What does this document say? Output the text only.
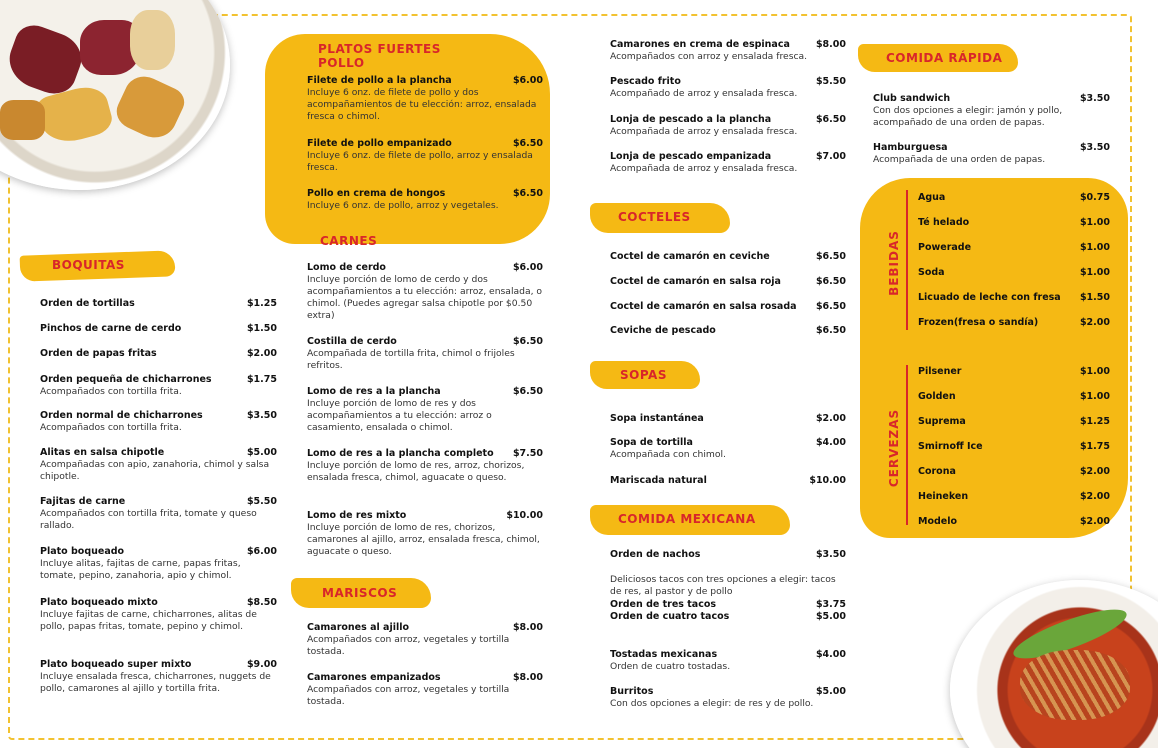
BOQUITAS
Orden de tortillas	$1.25
Pinchos de carne de cerdo	$1.50
Orden de papas fritas	$2.00
Orden pequeña de chicharrones	$1.75
Acompañados con tortilla frita.
Orden normal de chicharrones	$3.50
Acompañados con tortilla frita.
Alitas en salsa chipotle	$5.00
Acompañadas con apio, zanahoria, chimol y salsa chipotle.
Fajitas de carne	$5.50
Acompañados con tortilla frita, tomate y queso rallado.
Plato boqueado	$6.00
Incluye alitas, fajitas de carne, papas fritas, tomate, pepino, zanahoria, apio y chimol.
Plato boqueado mixto	$8.50
Incluye fajitas de carne, chicharrones, alitas de pollo, papas fritas, tomate, pepino y chimol.
Plato boqueado super mixto	$9.00
Incluye ensalada fresca, chicharrones, nuggets de pollo, camarones al ajillo y tortilla frita.
PLATOS FUERTES
POLLO
Filete de pollo a la plancha	$6.00
Incluye 6 onz. de filete de pollo y dos acompañamientos de tu elección: arroz, ensalada fresca o chimol.
Filete de pollo empanizado	$6.50
Incluye 6 onz. de filete de pollo, arroz y ensalada fresca.
Pollo en crema de hongos	$6.50
Incluye 6 onz. de pollo, arroz y vegetales.
CARNES
Lomo de cerdo	$6.00
Incluye porción de lomo de cerdo y dos acompañamientos a tu elección: arroz, ensalada, o chimol. (Puedes agregar salsa chipotle por $0.50 extra)
Costilla de cerdo	$6.50
Acompañada de tortilla frita, chimol o frijoles refritos.
Lomo de res a la plancha	$6.50
Incluye porción de lomo de res y dos acompañamientos a tu elección: arroz o casamiento, ensalada o chimol.
Lomo de res a la plancha completo $7.50
Incluye porción de lomo de res, arroz, chorizos, ensalada fresca, chimol, aguacate o queso.
Lomo de res mixto	$10.00
Incluye porción de lomo de res, chorizos, camarones al ajillo, arroz, ensalada fresca, chimol, aguacate o queso.
MARISCOS
Camarones al ajillo	$8.00
Acompañados con arroz, vegetales y tortilla tostada.
Camarones empanizados	$8.00
Acompañados con arroz, vegetales y tortilla tostada.
Camarones en crema de espinaca	$8.00
Acompañados con arroz y ensalada fresca.
Pescado frito	$5.50
Acompañado de arroz y ensalada fresca.
Lonja de pescado a la plancha	$6.50
Acompañada de arroz y ensalada fresca.
Lonja de pescado empanizada	$7.00
Acompañada de arroz y ensalada fresca.
COCTELES
Coctel de camarón en ceviche	$6.50
Coctel de camarón en salsa roja	$6.50
Coctel de camarón en salsa rosada $6.50
Ceviche de pescado	$6.50
SOPAS
Sopa instantánea	$2.00
Sopa de tortilla	$4.00
Acompañada con chimol.
Mariscada natural	$10.00
COMIDA MEXICANA
Orden de nachos	$3.50
Deliciosos tacos con tres opciones a elegir: tacos de res, al pastor y de pollo
Orden de tres tacos	$3.75
Orden de cuatro tacos	$5.00
Tostadas mexicanas	$4.00
Orden de cuatro tostadas.
Burritos	$5.00
Con dos opciones a elegir: de res y de pollo.
COMIDA RÁPIDA
Club sandwich	$3.50
Con dos opciones a elegir: jamón y pollo, acompañado de una orden de papas.
Hamburguesa	$3.50
Acompañada de una orden de papas.
BEBIDAS
Agua	$0.75
Té helado	$1.00
Powerade	$1.00
Soda	$1.00
Licuado de leche con fresa $1.50
Frozen(fresa o sandía)	$2.00
CERVEZAS
Pilsener	$1.00
Golden	$1.00
Suprema	$1.25
Smirnoff Ice	$1.75
Corona	$2.00
Heineken	$2.00
Modelo	$2.00
